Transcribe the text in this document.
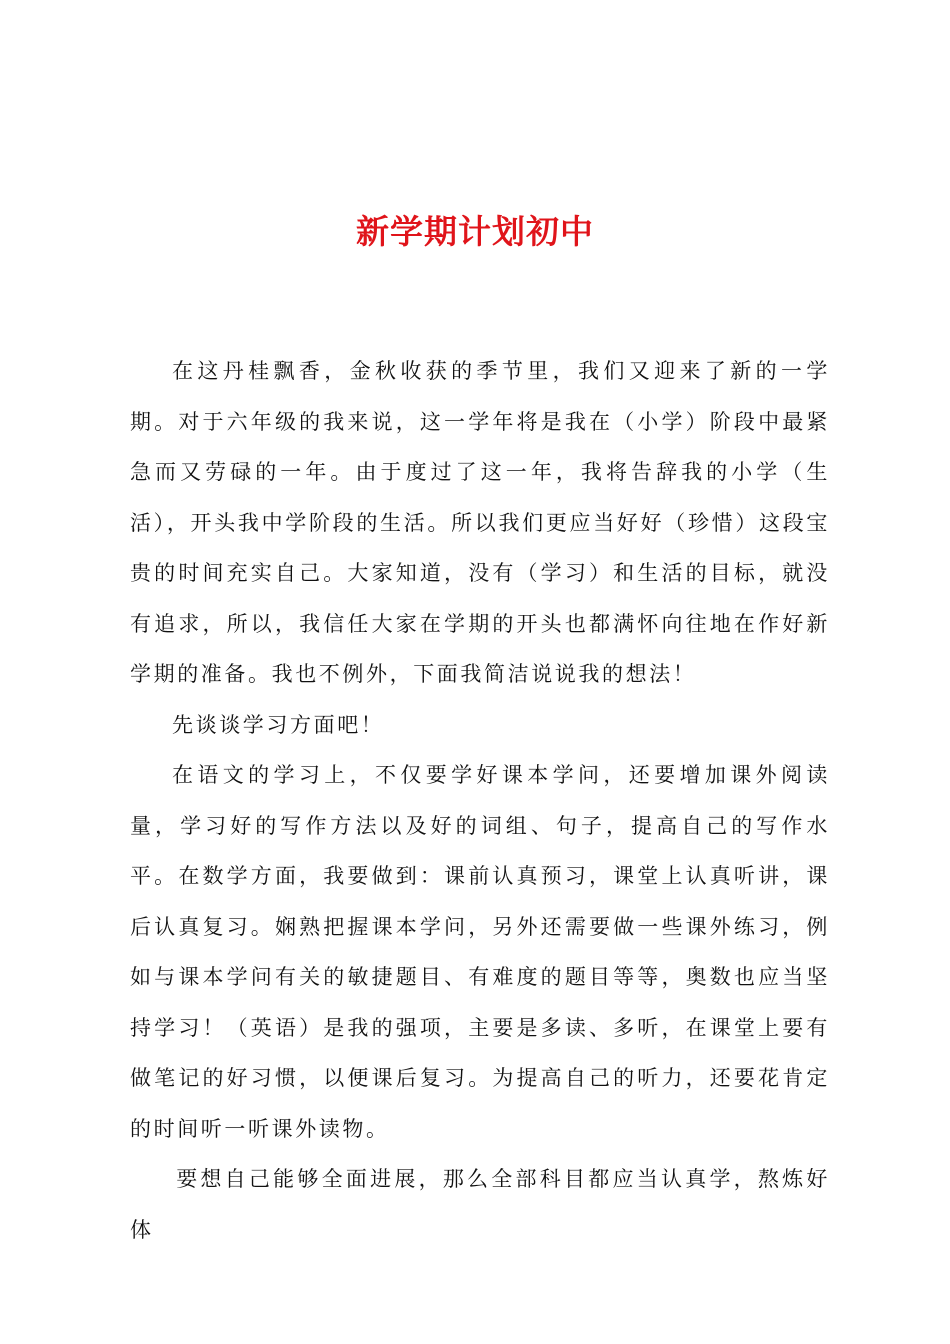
新学期计划初中

在这丹桂飘香，金秋收获的季节里，我们又迎来了新的一学期。对于六年级的我来说，这一学年将是我在（小学）阶段中最紧急而又劳碌的一年。由于度过了这一年，我将告辞我的小学（生活），开头我中学阶段的生活。所以我们更应当好好（珍惜）这段宝贵的时间充实自己。大家知道，没有（学习）和生活的目标，就没有追求，所以，我信任大家在学期的开头也都满怀向往地在作好新学期的准备。我也不例外，下面我简洁说说我的想法！

先谈谈学习方面吧！

在语文的学习上，不仅要学好课本学问，还要增加课外阅读量，学习好的写作方法以及好的词组、句子，提高自己的写作水平。在数学方面，我要做到：课前认真预习，课堂上认真听讲，课后认真复习。娴熟把握课本学问，另外还需要做一些课外练习，例如与课本学问有关的敏捷题目、有难度的题目等等，奥数也应当坚持学习！（英语）是我的强项，主要是多读、多听，在课堂上要有做笔记的好习惯，以便课后复习。为提高自己的听力，还要花肯定的时间听一听课外读物。

要想自己能够全面进展，那么全部科目都应当认真学，熬炼好体
